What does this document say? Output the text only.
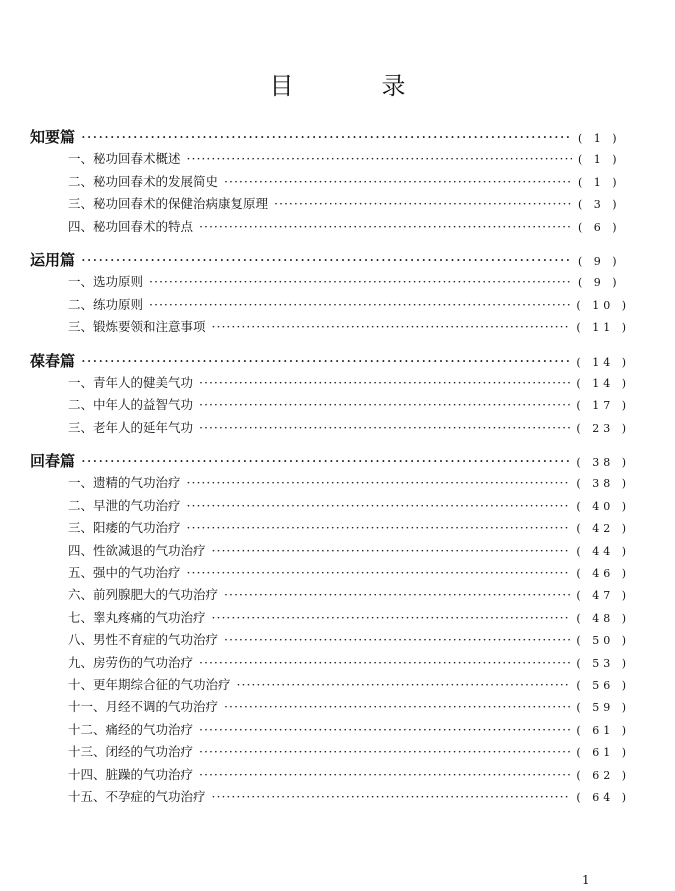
目　录
知要篇 ·····	( 1 )
一、秘功回春术概述 ·····	( 1 )
二、秘功回春术的发展简史 ·····	( 1 )
三、秘功回春术的保健治病康复原理 ·····	( 3 )
四、秘功回春术的特点 ·····	( 6 )
运用篇 ·····	( 9 )
一、选功原则 ·····	( 9 )
二、练功原则 ·····	( 10 )
三、锻炼要领和注意事项 ·····	( 11 )
葆春篇 ·····	( 14 )
一、青年人的健美气功 ·····	( 14 )
二、中年人的益智气功 ·····	( 17 )
三、老年人的延年气功 ·····	( 23 )
回春篇 ·····	( 38 )
一、遗精的气功治疗 ·····	( 38 )
二、早泄的气功治疗 ·····	( 40 )
三、阳痿的气功治疗 ·····	( 42 )
四、性欲减退的气功治疗 ·····	( 44 )
五、强中的气功治疗 ·····	( 46 )
六、前列腺肥大的气功治疗 ·····	( 47 )
七、睾丸疼痛的气功治疗 ·····	( 48 )
八、男性不育症的气功治疗 ·····	( 50 )
九、房劳伤的气功治疗 ·····	( 53 )
十、更年期综合征的气功治疗 ·····	( 56 )
十一、月经不调的气功治疗 ·····	( 59 )
十二、痛经的气功治疗 ·····	( 61 )
十三、闭经的气功治疗 ·····	( 61 )
十四、脏躁的气功治疗 ·····	( 62 )
十五、不孕症的气功治疗 ·····	( 64 )
1
